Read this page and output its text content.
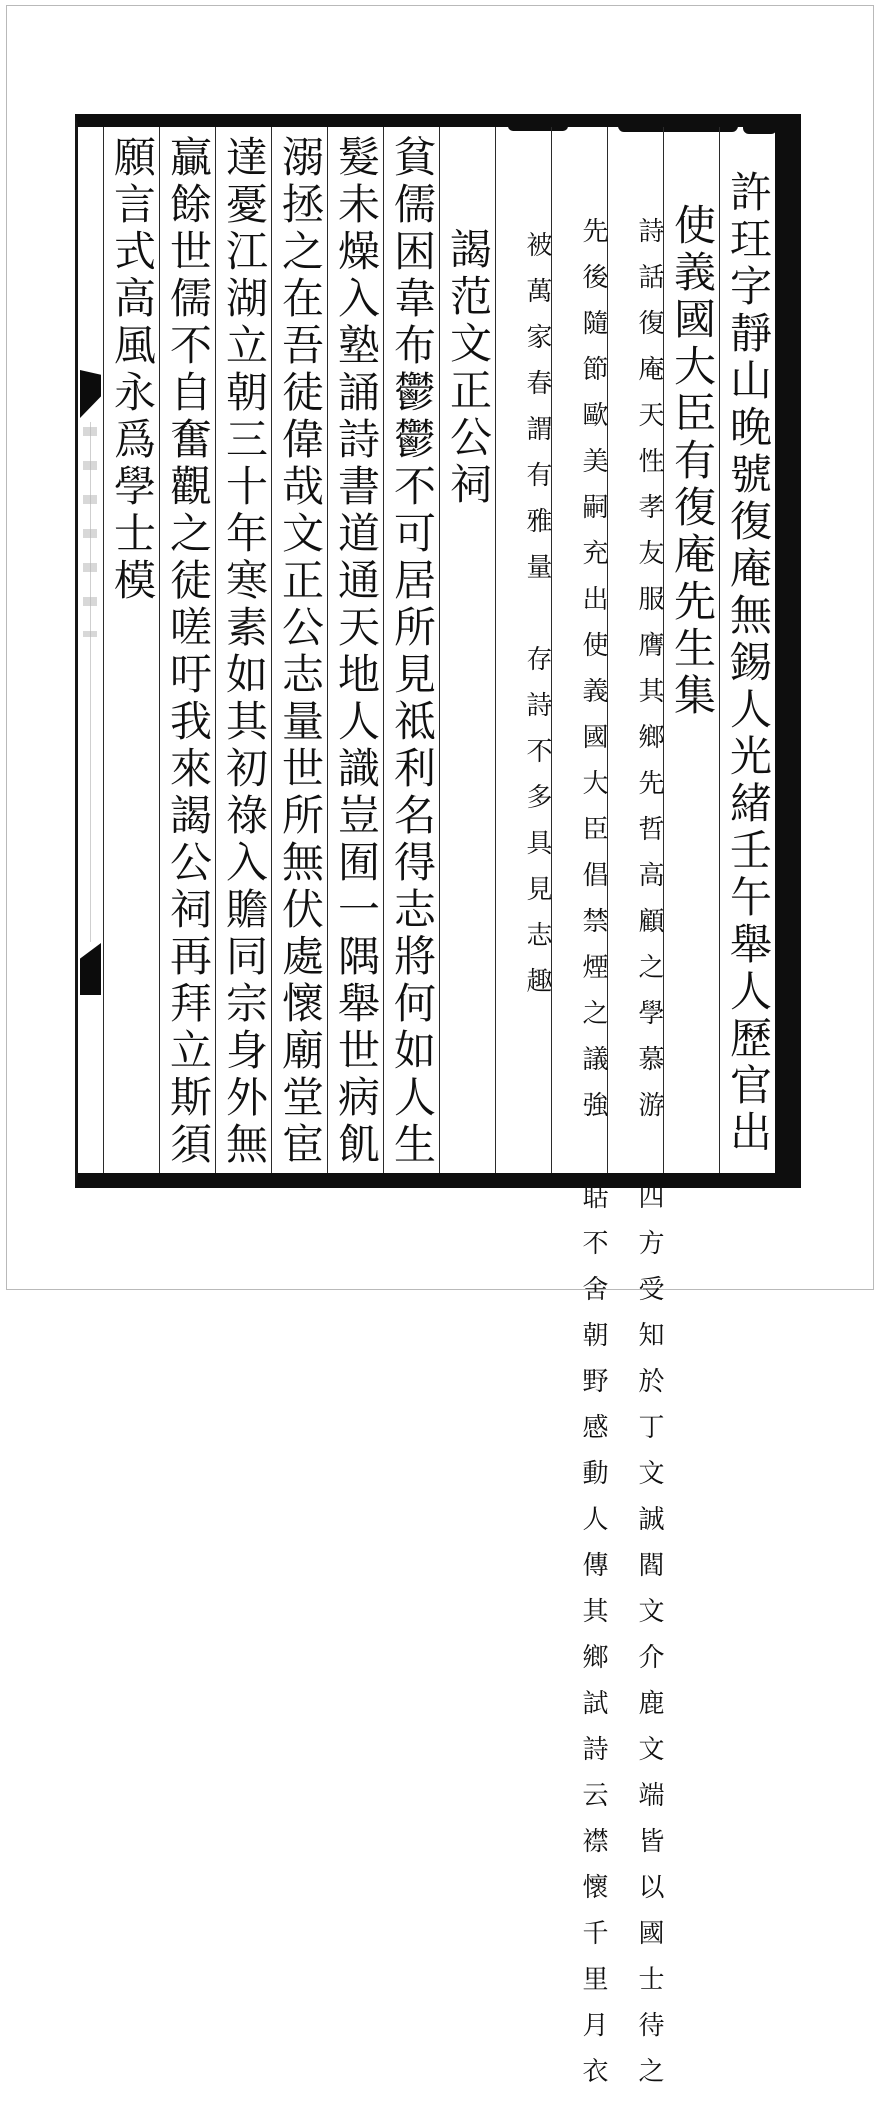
許玨字靜山晚號復庵無錫人光緒壬午舉人歷官出
使義國大臣有復庵先生集
詩話復庵天性孝友服膺其鄉先哲高顧之學慕游 四方受知於丁文誠閻文介鹿文端皆以國士待之
先後隨節歐美嗣充出使義國大臣倡禁煙之議強 聒不舍朝野感動人傳其鄉試詩云襟懷千里月衣
被萬家春謂有雅量 存詩不多具見志趣
謁范文正公祠
貧儒困韋布鬱鬱不可居所見祗利名得志將何如人生
髮未燥入塾誦詩書道通天地人識豈囿一隅舉世病飢
溺拯之在吾徒偉哉文正公志量世所無伏處懷廟堂宦
達憂江湖立朝三十年寒素如其初祿入贍同宗身外無
贏餘世儒不自奮觀之徒嗟吁我來謁公祠再拜立斯須
願言式高風永爲學士模
